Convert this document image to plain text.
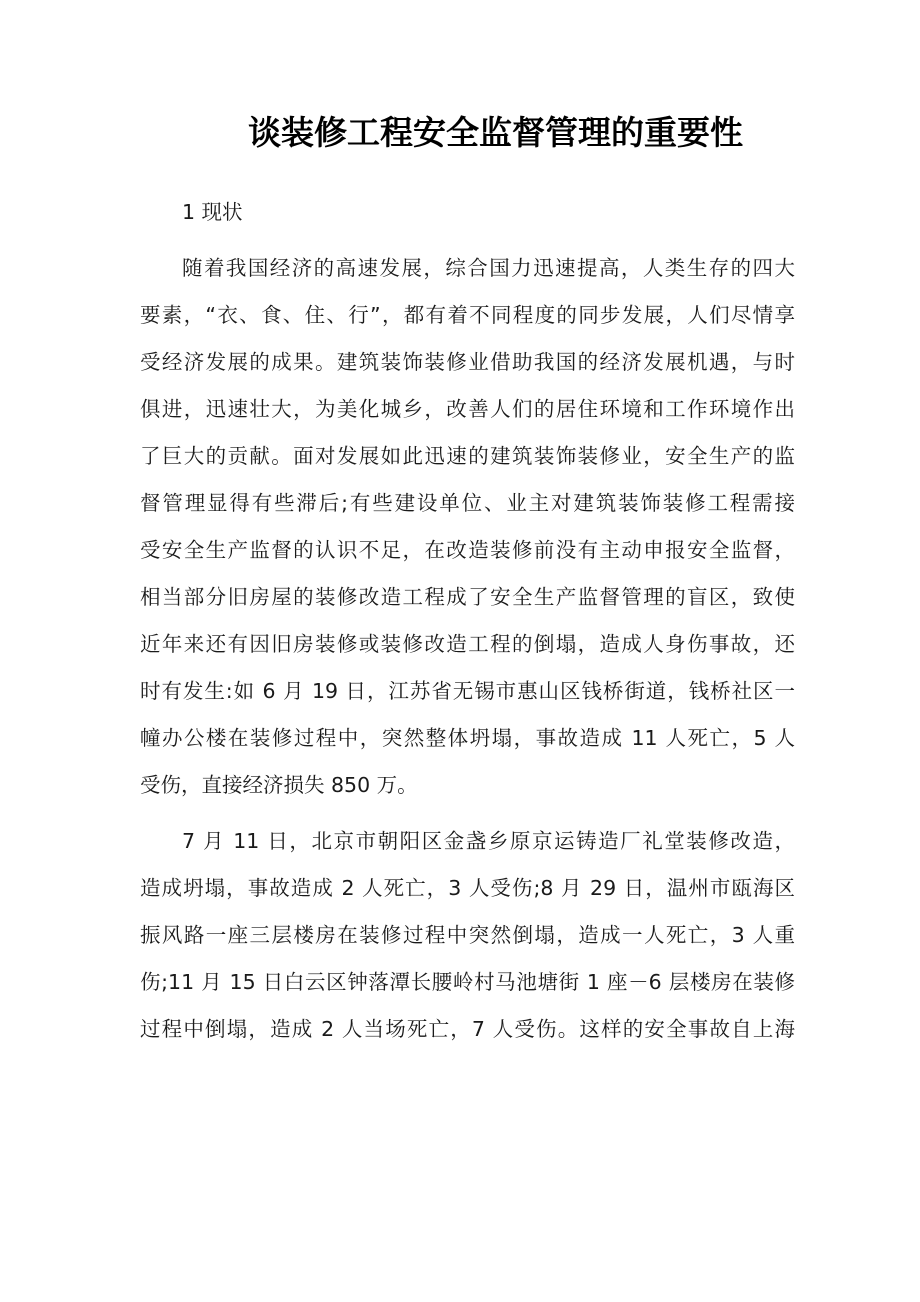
谈装修工程安全监督管理的重要性
1 现状
随着我国经济的高速发展，综合国力迅速提高，人类生存的四大
要素，“衣、食、住、行”，都有着不同程度的同步发展，人们尽情享
受经济发展的成果。建筑装饰装修业借助我国的经济发展机遇，与时
俱进，迅速壮大，为美化城乡，改善人们的居住环境和工作环境作出
了巨大的贡献。面对发展如此迅速的建筑装饰装修业，安全生产的监
督管理显得有些滞后;有些建设单位、业主对建筑装饰装修工程需接
受安全生产监督的认识不足，在改造装修前没有主动申报安全监督，
相当部分旧房屋的装修改造工程成了安全生产监督管理的盲区，致使
近年来还有因旧房装修或装修改造工程的倒塌，造成人身伤事故，还
时有发生:如 6 月 19 日，江苏省无锡市惠山区钱桥街道，钱桥社区一
幢办公楼在装修过程中，突然整体坍塌，事故造成 11 人死亡，5 人
受伤，直接经济损失 850 万。
7 月 11 日，北京市朝阳区金盏乡原京运铸造厂礼堂装修改造，
造成坍塌，事故造成 2 人死亡，3 人受伤;8 月 29 日，温州市瓯海区
振风路一座三层楼房在装修过程中突然倒塌，造成一人死亡，3 人重
伤;11 月 15 日白云区钟落潭长腰岭村马池塘街 1 座－6 层楼房在装修
过程中倒塌，造成 2 人当场死亡，7 人受伤。这样的安全事故自上海
